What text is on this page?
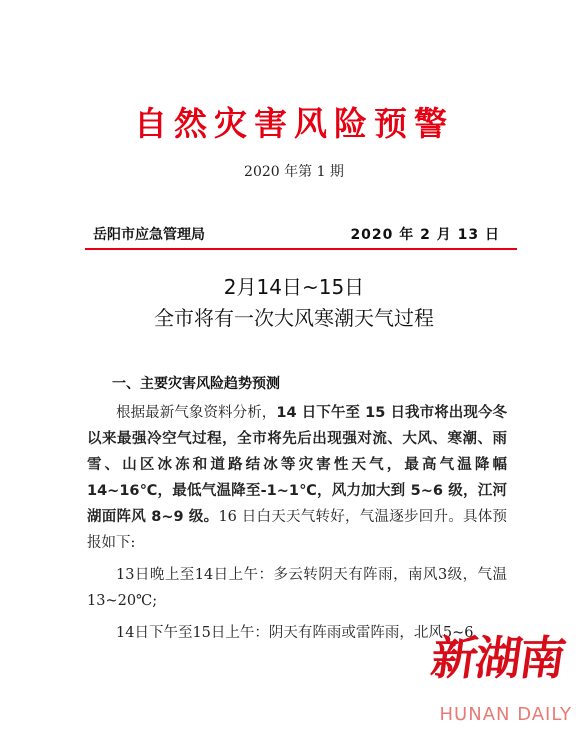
自然灾害风险预警
2020 年第 1 期
岳阳市应急管理局	2020 年 2 月 13 日
2月14日~15日
全市将有一次大风寒潮天气过程
一、主要灾害风险趋势预测

根据最新气象资料分析，14 日下午至 15 日我市将出现今冬以来最强冷空气过程，全市将先后出现强对流、大风、寒潮、雨雪、山区冰冻和道路结冰等灾害性天气，最高气温降幅 14~16℃，最低气温降至-1~1℃，风力加大到 5~6 级，江河湖面阵风 8~9 级。16 日白天天气转好，气温逐步回升。具体预报如下:

13日晚上至14日上午：多云转阴天有阵雨，南风3级，气温13~20℃;

14日下午至15日上午：阴天有阵雨或雷阵雨，北风5~6

新湖南
HUNAN DAILY
